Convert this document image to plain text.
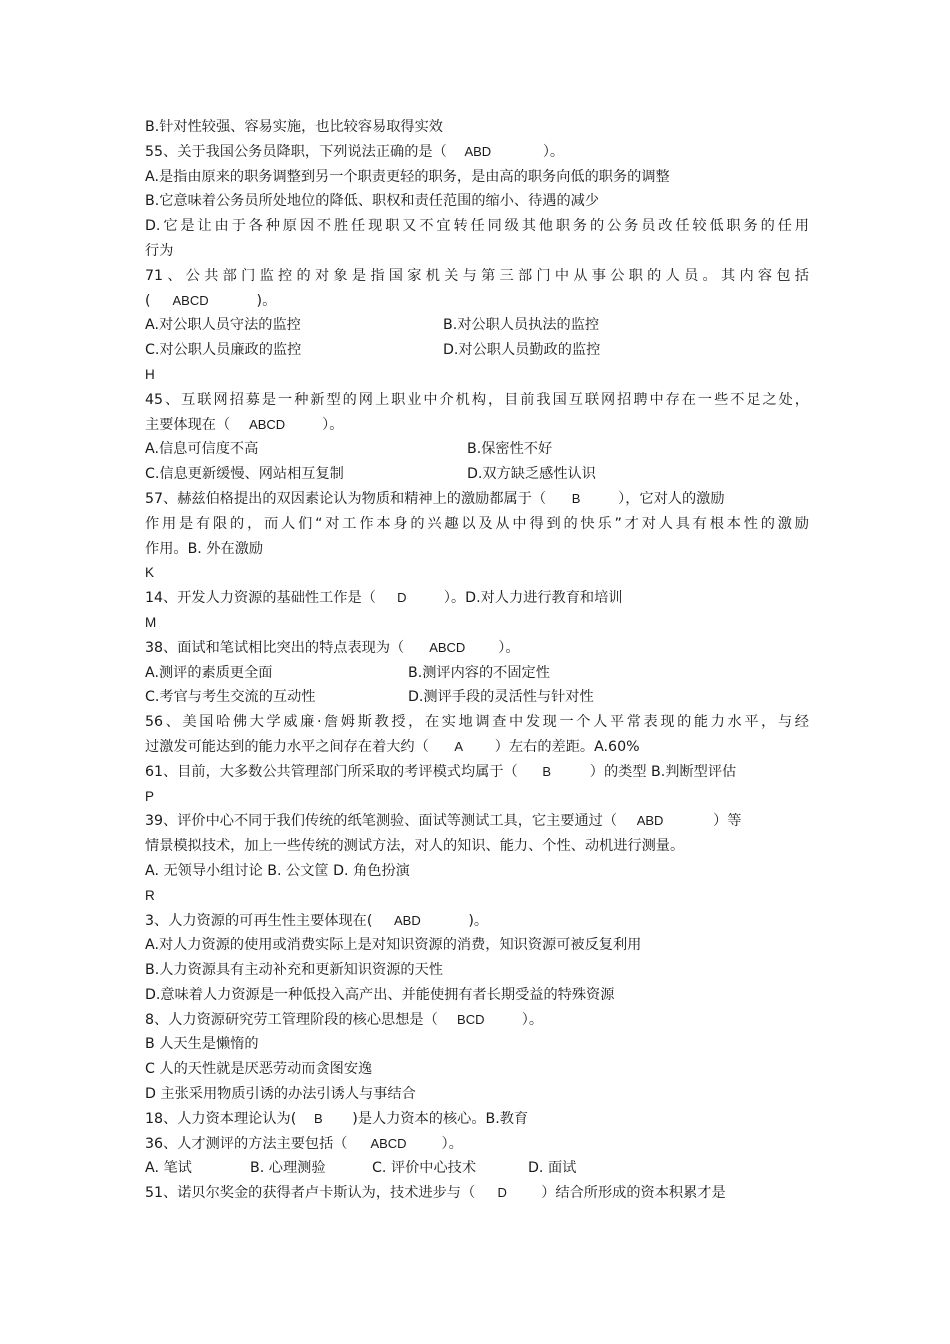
B.针对性较强、容易实施，也比较容易取得实效
55、关于我国公务员降职，下列说法正确的是（ ABD	）。
A.是指由原来的职务调整到另一个职责更轻的职务，是由高的职务向低的职务的调整
B.它意味着公务员所处地位的降低、职权和责任范围的缩小、待遇的减少
D.它是让由于各种原因不胜任现职又不宜转任同级其他职务的公务员改任较低职务的任用
行为
71、公共部门监控的对象是指国家机关与第三部门中从事公职的人员。其内容包括
( ABCD	)。
A.对公职人员守法的监控	B.对公职人员执法的监控
C.对公职人员廉政的监控	D.对公职人员勤政的监控
H
45、互联网招募是一种新型的网上职业中介机构，目前我国互联网招聘中存在一些不足之处，
主要体现在（ ABCD	）。
A.信息可信度不高	B.保密性不好
C.信息更新缓慢、网站相互复制	D.双方缺乏感性认识
57、赫兹伯格提出的双因素论认为物质和精神上的激励都属于（ B	），它对人的激励
作用是有限的，而人们“对工作本身的兴趣以及从中得到的快乐”才对人具有根本性的激励
作用。B. 外在激励
K
14、开发人力资源的基础性工作是（ D	）。D.对人力进行教育和培训
M
38、面试和笔试相比突出的特点表现为（ ABCD ）。
A.测评的素质更全面	B.测评内容的不固定性
C.考官与考生交流的互动性	D.测评手段的灵活性与针对性
56、美国哈佛大学威廉·詹姆斯教授，在实地调查中发现一个人平常表现的能力水平，与经
过激发可能达到的能力水平之间存在着大约（ A ）左右的差距。A.60%
61、目前，大多数公共管理部门所采取的考评模式均属于（ B	）的类型 B.判断型评估
P
39、评价中心不同于我们传统的纸笔测验、面试等测试工具，它主要通过（ ABD	）等
情景模拟技术，加上一些传统的测试方法，对人的知识、能力、个性、动机进行测量。
A. 无领导小组讨论 B. 公文筐 D. 角色扮演
R
3、人力资源的可再生性主要体现在( ABD	)。
A.对人力资源的使用或消费实际上是对知识资源的消费，知识资源可被反复利用
B.人力资源具有主动补充和更新知识资源的天性
D.意味着人力资源是一种低投入高产出、并能使拥有者长期受益的特殊资源
8、人力资源研究劳工管理阶段的核心思想是（ BCD	）。
B 人天生是懒惰的
C 人的天性就是厌恶劳动而贪图安逸
D 主张采用物质引诱的办法引诱人与事结合
18、人力资本理论认为( B )是人力资本的核心。B.教育
36、人才测评的方法主要包括（ ABCD ）。
A. 笔试	B. 心理测验	C. 评价中心技术	D. 面试
51、诺贝尔奖金的获得者卢卡斯认为，技术进步与（ D ）结合所形成的资本积累才是
